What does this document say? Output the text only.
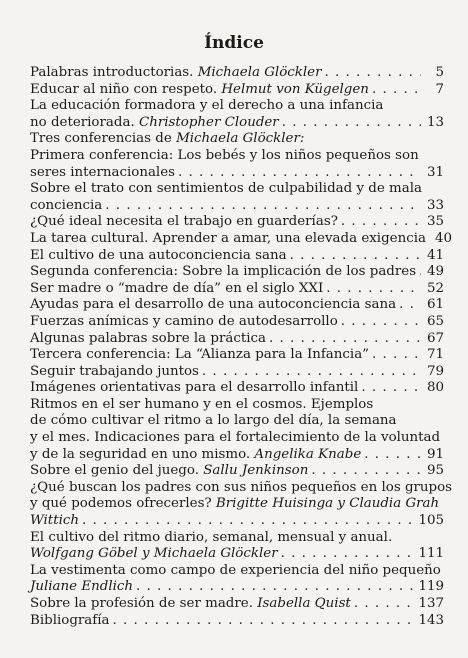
Índice
Palabras introductorias. Michaela Glöckler . . .	5
Educar al niño con respeto. Helmut von Kügelgen . . .	7
La educación formadora y el derecho a una infancia
no deteriorada. Christopher Clouder . . .	13
Tres conferencias de Michaela Glöckler:
Primera conferencia: Los bebés y los niños pequeños son
seres internacionales . . .	31
Sobre el trato con sentimientos de culpabilidad y de mala
conciencia . . .	33
¿Qué ideal necesita el trabajo en guarderías? . . .	35
La tarea cultural. Aprender a amar, una elevada exigencia 40
El cultivo de una autoconciencia sana . . .	41
Segunda conferencia: Sobre la implicación de los padres . . . 49
Ser madre o “madre de día” en el siglo XXI . . .	52
Ayudas para el desarrollo de una autoconciencia sana . . . 61
Fuerzas anímicas y camino de autodesarrollo . . .	65
Algunas palabras sobre la práctica . . .	67
Tercera conferencia: La “Alianza para la Infancia” . . .	71
Seguir trabajando juntos . . .	79
Imágenes orientativas para el desarrollo infantil . . .	80
Ritmos en el ser humano y en el cosmos. Ejemplos
de cómo cultivar el ritmo a lo largo del día, la semana
y el mes. Indicaciones para el fortalecimiento de la voluntad
y de la seguridad en uno mismo. Angelika Knabe . . .	91
Sobre el genio del juego. Sallu Jenkinson . . .	95
¿Qué buscan los padres con sus niños pequeños en los grupos
y qué podemos ofrecerles? Brigitte Huisinga y Claudia Grah
Wittich . . .	105
El cultivo del ritmo diario, semanal, mensual y anual.
Wolfgang Göbel y Michaela Glöckler . . .	111
La vestimenta como campo de experiencia del niño pequeño
Juliane Endlich . . .	119
Sobre la profesión de ser madre. Isabella Quist . . .	137
Bibliografía . . .	143
